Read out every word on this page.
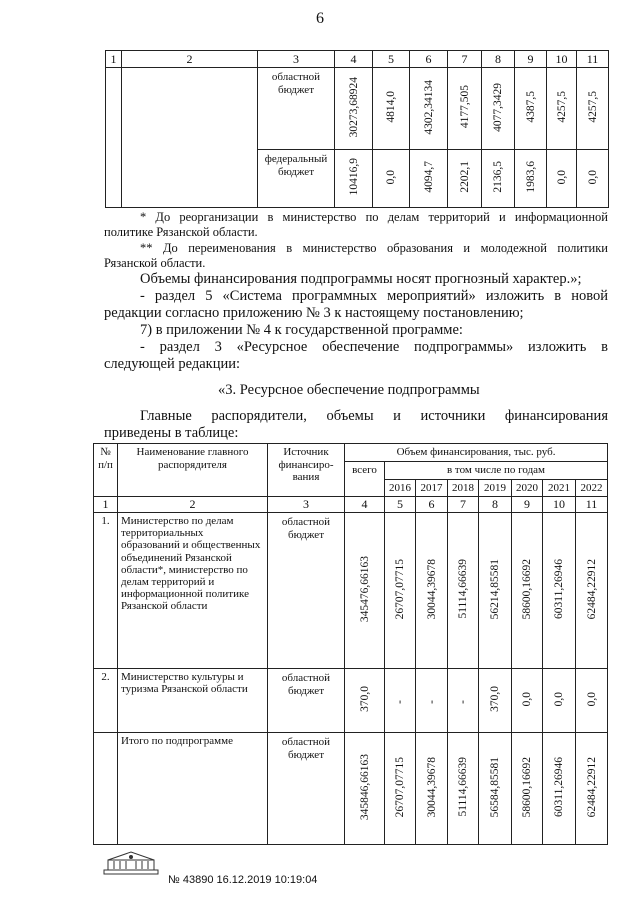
6
1	2	3	4	5	6	7	8	9	10	11
		областной бюджет	30273,68924	4814,0	4302,34134	4177,505	4077,3429	4387,5	4257,5	4257,5
		федеральный бюджет	10416,9	0,0	4094,7	2202,1	2136,5	1983,6	0,0	0,0
* До реорганизации в министерство по делам территорий и информационной
политике Рязанской области.
** До переименования в министерство образования и молодежной политики
Рязанской области.
Объемы финансирования подпрограммы носят прогнозный характер.»;
- раздел 5 «Система программных мероприятий» изложить в новой
редакции согласно приложению № 3 к настоящему постановлению;
7) в приложении № 4 к государственной программе:
- раздел 3 «Ресурсное обеспечение подпрограммы» изложить в
следующей редакции:
«3. Ресурсное обеспечение подпрограммы
Главные распорядители, объемы и источники финансирования
приведены в таблице:
№ п/п	Наименование главного распорядителя	Источник финансиро-вания	Объем финансирования, тыс. руб.							
			всего	в том числе по годам						
				2016	2017	2018	2019	2020	2021	2022
1	2	3	4	5	6	7	8	9	10	11
1.	Министерство по делам территориальных образований и общественных объединений Рязанской области*, министерство по делам территорий и информационной политике Рязанской области	областной бюджет	345476,66163	26707,07715	30044,39678	51114,66639	56214,85581	58600,16692	60311,26946	62484,22912
2.	Министерство культуры и туризма Рязанской области	областной бюджет	370,0	-	-	-	370,0	0,0	0,0	0,0
	Итого по подпрограмме	областной бюджет	345846,66163	26707,07715	30044,39678	51114,66639	56584,85581	58600,16692	60311,26946	62484,22912
№ 43890 16.12.2019 10:19:04
